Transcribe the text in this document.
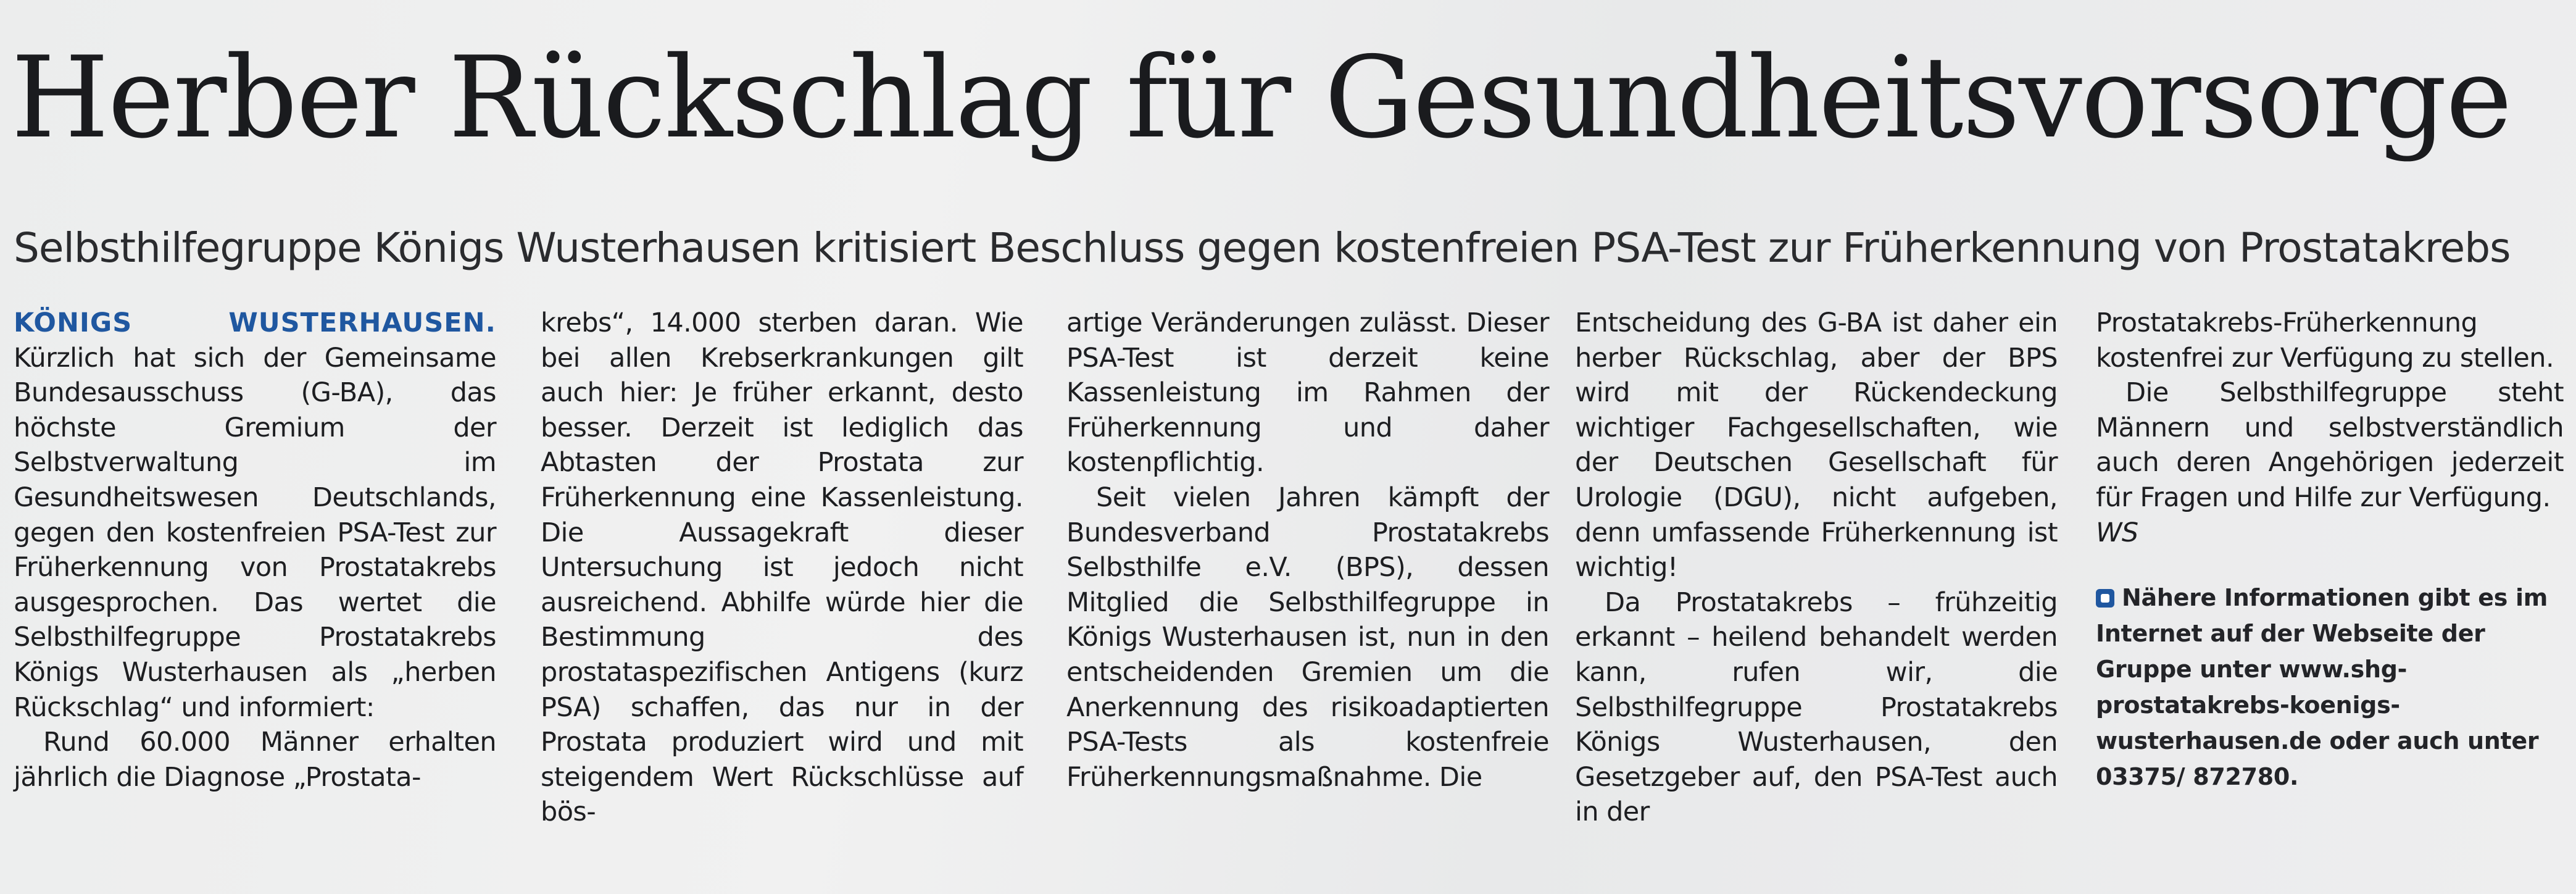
Herber Rückschlag für Gesundheitsvorsorge
Selbsthilfegruppe Königs Wusterhausen kritisiert Beschluss gegen kostenfreien PSA-Test zur Früherkennung von Prostatakrebs

KÖNIGS WUSTERHAUSEN. Kürzlich hat sich der Gemeinsame Bundesausschuss (G-BA), das höchste Gremium der Selbstverwaltung im Gesundheitswesen Deutschlands, gegen den kostenfreien PSA-Test zur Früherkennung von Prostatakrebs ausgesprochen. Das wertet die Selbsthilfegruppe Prostatakrebs Königs Wusterhausen als „herben Rückschlag“ und informiert:

Rund 60.000 Männer erhalten jährlich die Diagnose „Prostata-

krebs“, 14.000 sterben daran. Wie bei allen Krebserkrankungen gilt auch hier: Je früher erkannt, desto besser. Derzeit ist lediglich das Abtasten der Prostata zur Früherkennung eine Kassenleistung. Die Aussagekraft dieser Untersuchung ist jedoch nicht ausreichend. Abhilfe würde hier die Bestimmung des prostataspezifischen Antigens (kurz PSA) schaffen, das nur in der Prostata produziert wird und mit steigendem Wert Rückschlüsse auf bös-

artige Veränderungen zulässt. Dieser PSA-Test ist derzeit keine Kassenleistung im Rahmen der Früherkennung und daher kostenpflichtig.

Seit vielen Jahren kämpft der Bundesverband Prostatakrebs Selbsthilfe e.V. (BPS), dessen Mitglied die Selbsthilfegruppe in Königs Wusterhausen ist, nun in den entscheidenden Gremien um die Anerkennung des risikoadaptierten PSA-Tests als kostenfreie Früherkennungsmaßnahme. Die

Entscheidung des G-BA ist daher ein herber Rückschlag, aber der BPS wird mit der Rückendeckung wichtiger Fachgesellschaften, wie der Deutschen Gesellschaft für Urologie (DGU), nicht aufgeben, denn umfassende Früherkennung ist wichtig!

Da Prostatakrebs – frühzeitig erkannt – heilend behandelt werden kann, rufen wir, die Selbsthilfegruppe Prostatakrebs Königs Wusterhausen, den Gesetzgeber auf, den PSA-Test auch in der

Prostatakrebs-Früherkennung kostenfrei zur Verfügung zu stellen.

Die Selbsthilfegruppe steht Männern und selbstverständlich auch deren Angehörigen jederzeit für Fragen und Hilfe zur Verfügung.

WS

Nähere Informationen gibt es im Internet auf der Webseite der Gruppe unter www.shg-prostatakrebs-koenigs-wusterhausen.de oder auch unter 03375/ 872780.
